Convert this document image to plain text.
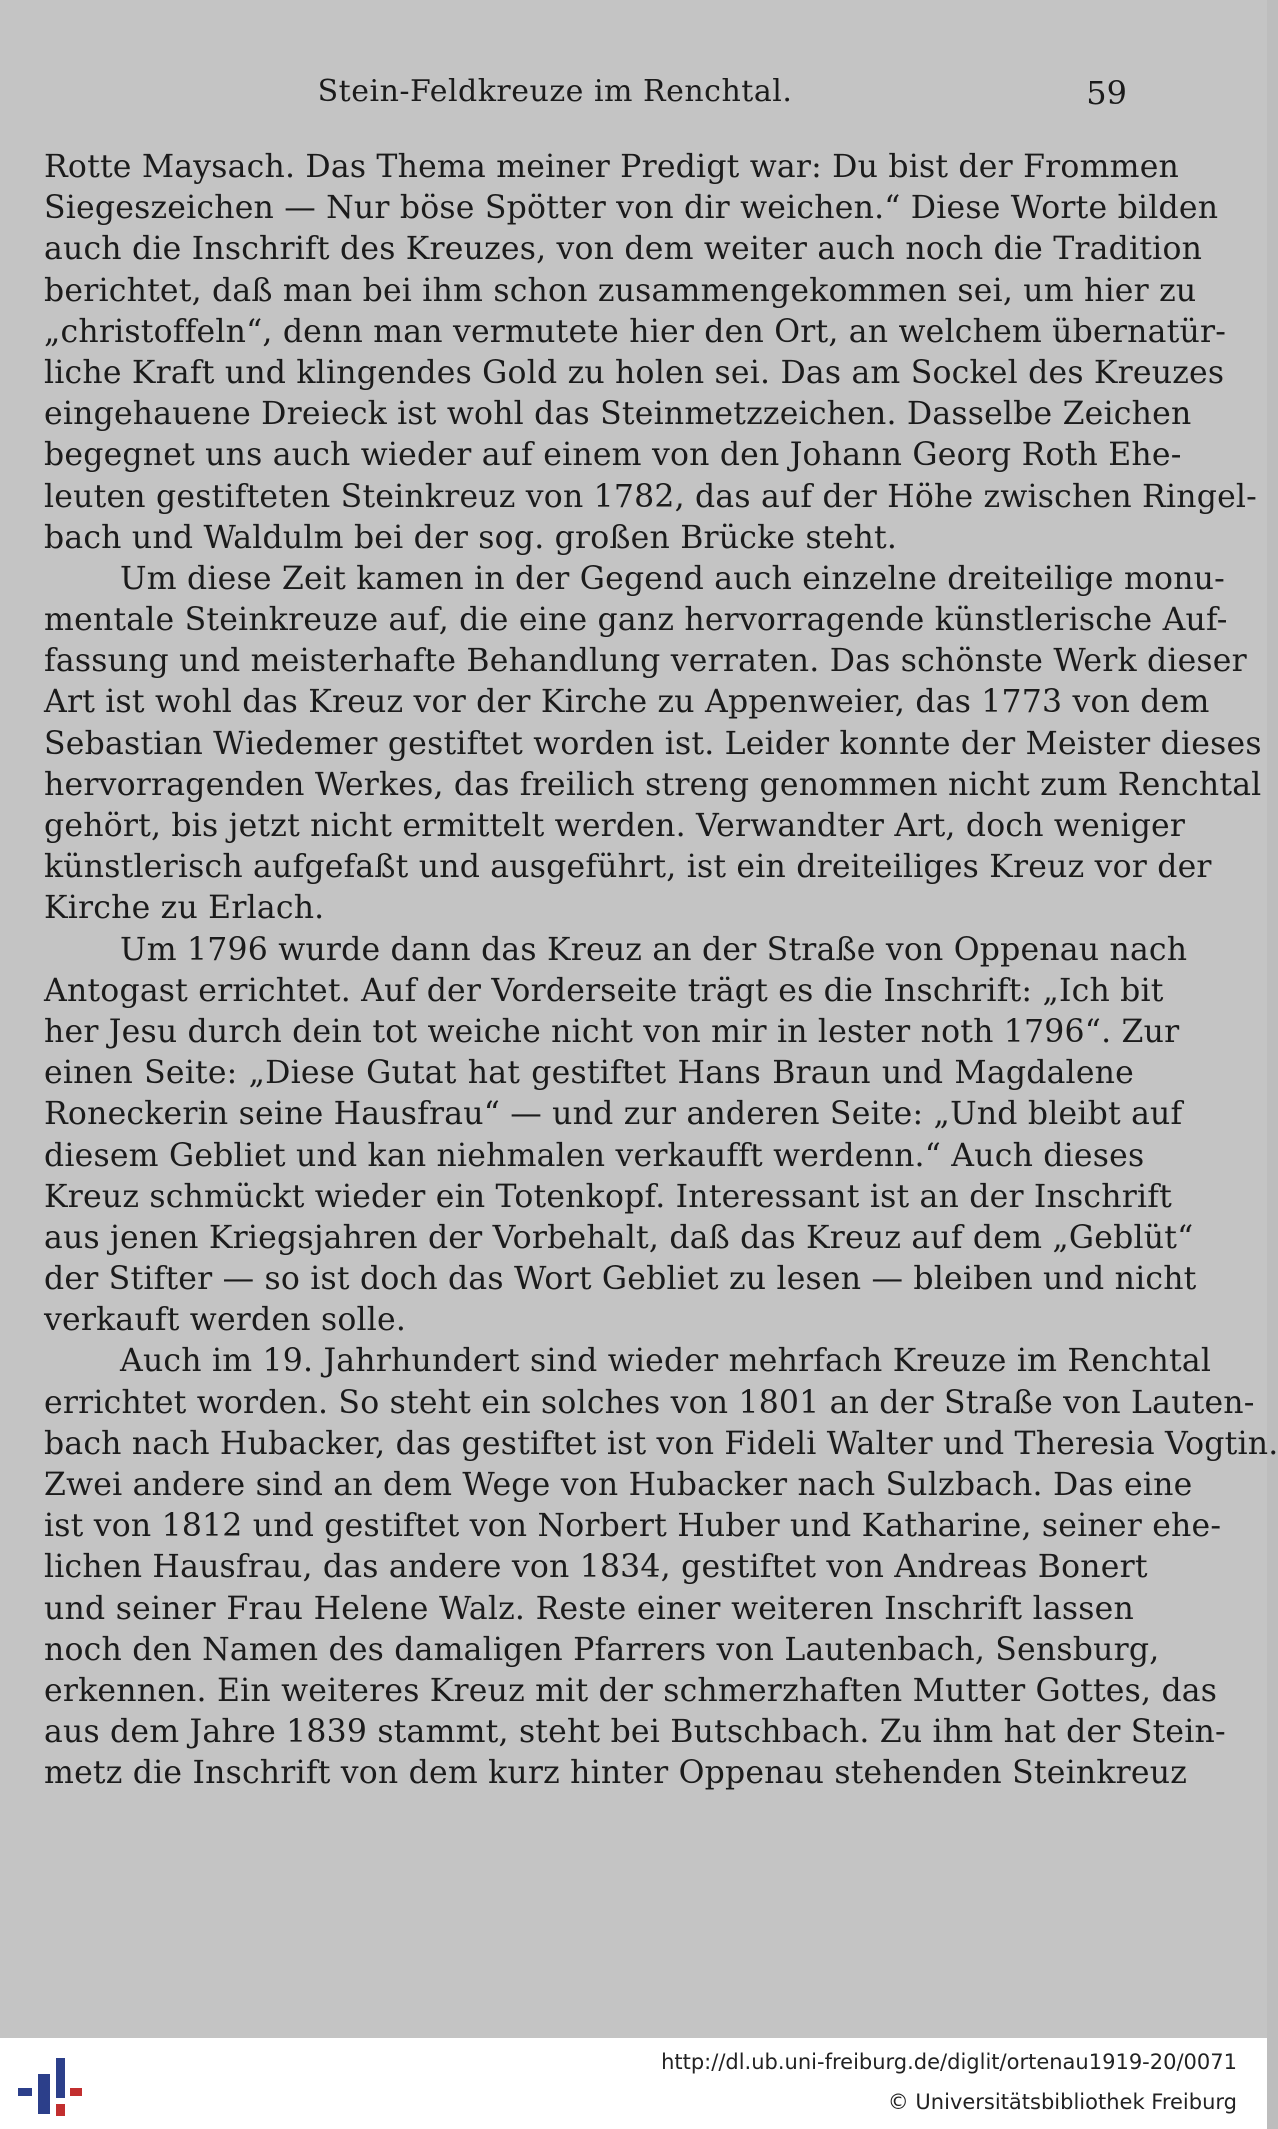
Stein-Feldkreuze im Renchtal.	59
Rotte Maysach. Das Thema meiner Predigt war: Du bist der Frommen
Siegeszeichen — Nur böse Spötter von dir weichen.“ Diese Worte bilden
auch die Inschrift des Kreuzes, von dem weiter auch noch die Tradition
berichtet, daß man bei ihm schon zusammengekommen sei, um hier zu
„christoffeln“, denn man vermutete hier den Ort, an welchem übernatür-
liche Kraft und klingendes Gold zu holen sei. Das am Sockel des Kreuzes
eingehauene Dreieck ist wohl das Steinmetzzeichen. Dasselbe Zeichen
begegnet uns auch wieder auf einem von den Johann Georg Roth Ehe-
leuten gestifteten Steinkreuz von 1782, das auf der Höhe zwischen Ringel-
bach und Waldulm bei der sog. großen Brücke steht.
Um diese Zeit kamen in der Gegend auch einzelne dreiteilige monu-
mentale Steinkreuze auf, die eine ganz hervorragende künstlerische Auf-
fassung und meisterhafte Behandlung verraten. Das schönste Werk dieser
Art ist wohl das Kreuz vor der Kirche zu Appenweier, das 1773 von dem
Sebastian Wiedemer gestiftet worden ist. Leider konnte der Meister dieses
hervorragenden Werkes, das freilich streng genommen nicht zum Renchtal
gehört, bis jetzt nicht ermittelt werden. Verwandter Art, doch weniger
künstlerisch aufgefaßt und ausgeführt, ist ein dreiteiliges Kreuz vor der
Kirche zu Erlach.
Um 1796 wurde dann das Kreuz an der Straße von Oppenau nach
Antogast errichtet. Auf der Vorderseite trägt es die Inschrift: „Ich bit
her Jesu durch dein tot weiche nicht von mir in lester noth 1796“. Zur
einen Seite: „Diese Gutat hat gestiftet Hans Braun und Magdalene
Roneckerin seine Hausfrau“ — und zur anderen Seite: „Und bleibt auf
diesem Gebliet und kan niehmalen verkaufft werdenn.“ Auch dieses
Kreuz schmückt wieder ein Totenkopf. Interessant ist an der Inschrift
aus jenen Kriegsjahren der Vorbehalt, daß das Kreuz auf dem „Geblüt“
der Stifter — so ist doch das Wort Gebliet zu lesen — bleiben und nicht
verkauft werden solle.
Auch im 19. Jahrhundert sind wieder mehrfach Kreuze im Renchtal
errichtet worden. So steht ein solches von 1801 an der Straße von Lauten-
bach nach Hubacker, das gestiftet ist von Fideli Walter und Theresia Vogtin.
Zwei andere sind an dem Wege von Hubacker nach Sulzbach. Das eine
ist von 1812 und gestiftet von Norbert Huber und Katharine, seiner ehe-
lichen Hausfrau, das andere von 1834, gestiftet von Andreas Bonert
und seiner Frau Helene Walz. Reste einer weiteren Inschrift lassen
noch den Namen des damaligen Pfarrers von Lautenbach, Sensburg,
erkennen. Ein weiteres Kreuz mit der schmerzhaften Mutter Gottes, das
aus dem Jahre 1839 stammt, steht bei Butschbach. Zu ihm hat der Stein-
metz die Inschrift von dem kurz hinter Oppenau stehenden Steinkreuz
http://dl.ub.uni-freiburg.de/diglit/ortenau1919-20/0071
© Universitätsbibliothek Freiburg
